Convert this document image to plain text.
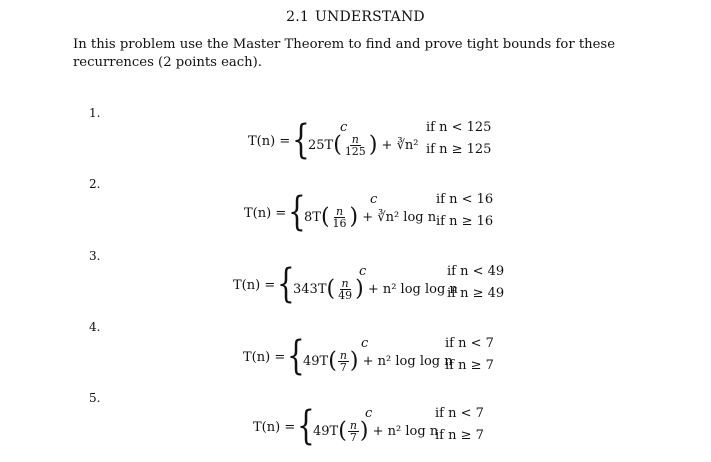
2.1 UNDERSTAND
In this problem use the Master Theorem to find and prove tight bounds for these recurrences (2 points each).
1.
T(n) = { c	if n < 125
$25T( \frac{n}{125}$ ) + ∛n² if n ≥ 125
2.
T(n) = {	c	if n < 16
$8T( \frac{n}{16}$ ) + ∛n² log n if n ≥ 16
3.
T(n) = {	c	if n < 49
$343T( \frac{n}{49}$ ) + n² log log n
if n ≥ 49
4.
T(n) = {	c	if n < 7
$49T( \frac{n}{7}$ ) + n² log log n
if n ≥ 7
5.
T(n) = {	c	if n < 7
$49T( \frac{n}{7}$ ) + n² log n
if n ≥ 7
